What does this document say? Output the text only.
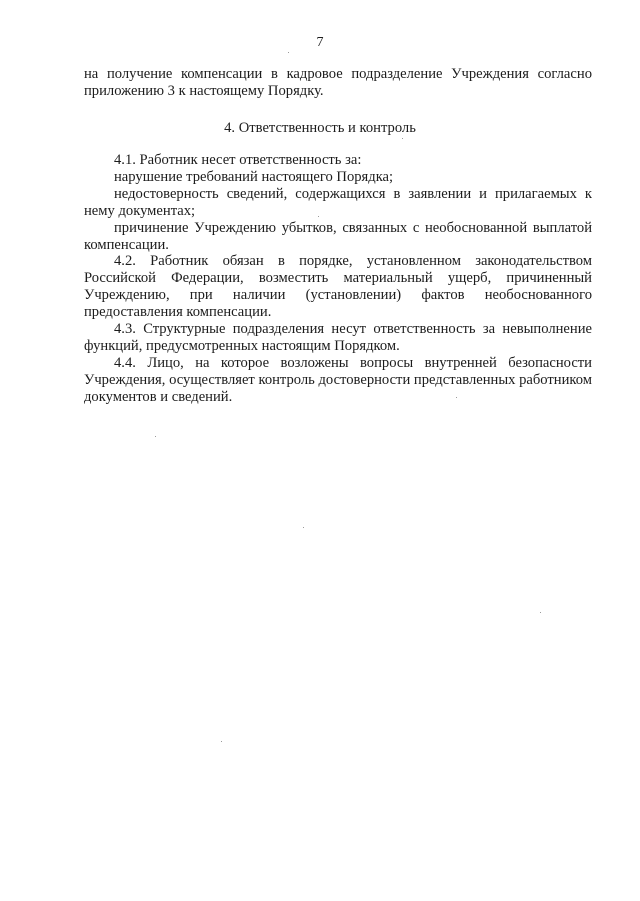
7

на получение компенсации в кадровое подразделение Учреждения согласно приложению 3 к настоящему Порядку.

4. Ответственность и контроль

4.1. Работник несет ответственность за:

нарушение требований настоящего Порядка;

недостоверность сведений, содержащихся в заявлении и прилагаемых к нему документах;

причинение Учреждению убытков, связанных с необоснованной выплатой компенсации.

4.2. Работник обязан в порядке, установленном законодательством Российской Федерации, возместить материальный ущерб, причиненный Учреждению, при наличии (установлении) фактов необоснованного предоставления компенсации.

4.3. Структурные подразделения несут ответственность за невыполнение функций, предусмотренных настоящим Порядком.

4.4. Лицо, на которое возложены вопросы внутренней безопасности Учреждения, осуществляет контроль достоверности представленных работником документов и сведений.
